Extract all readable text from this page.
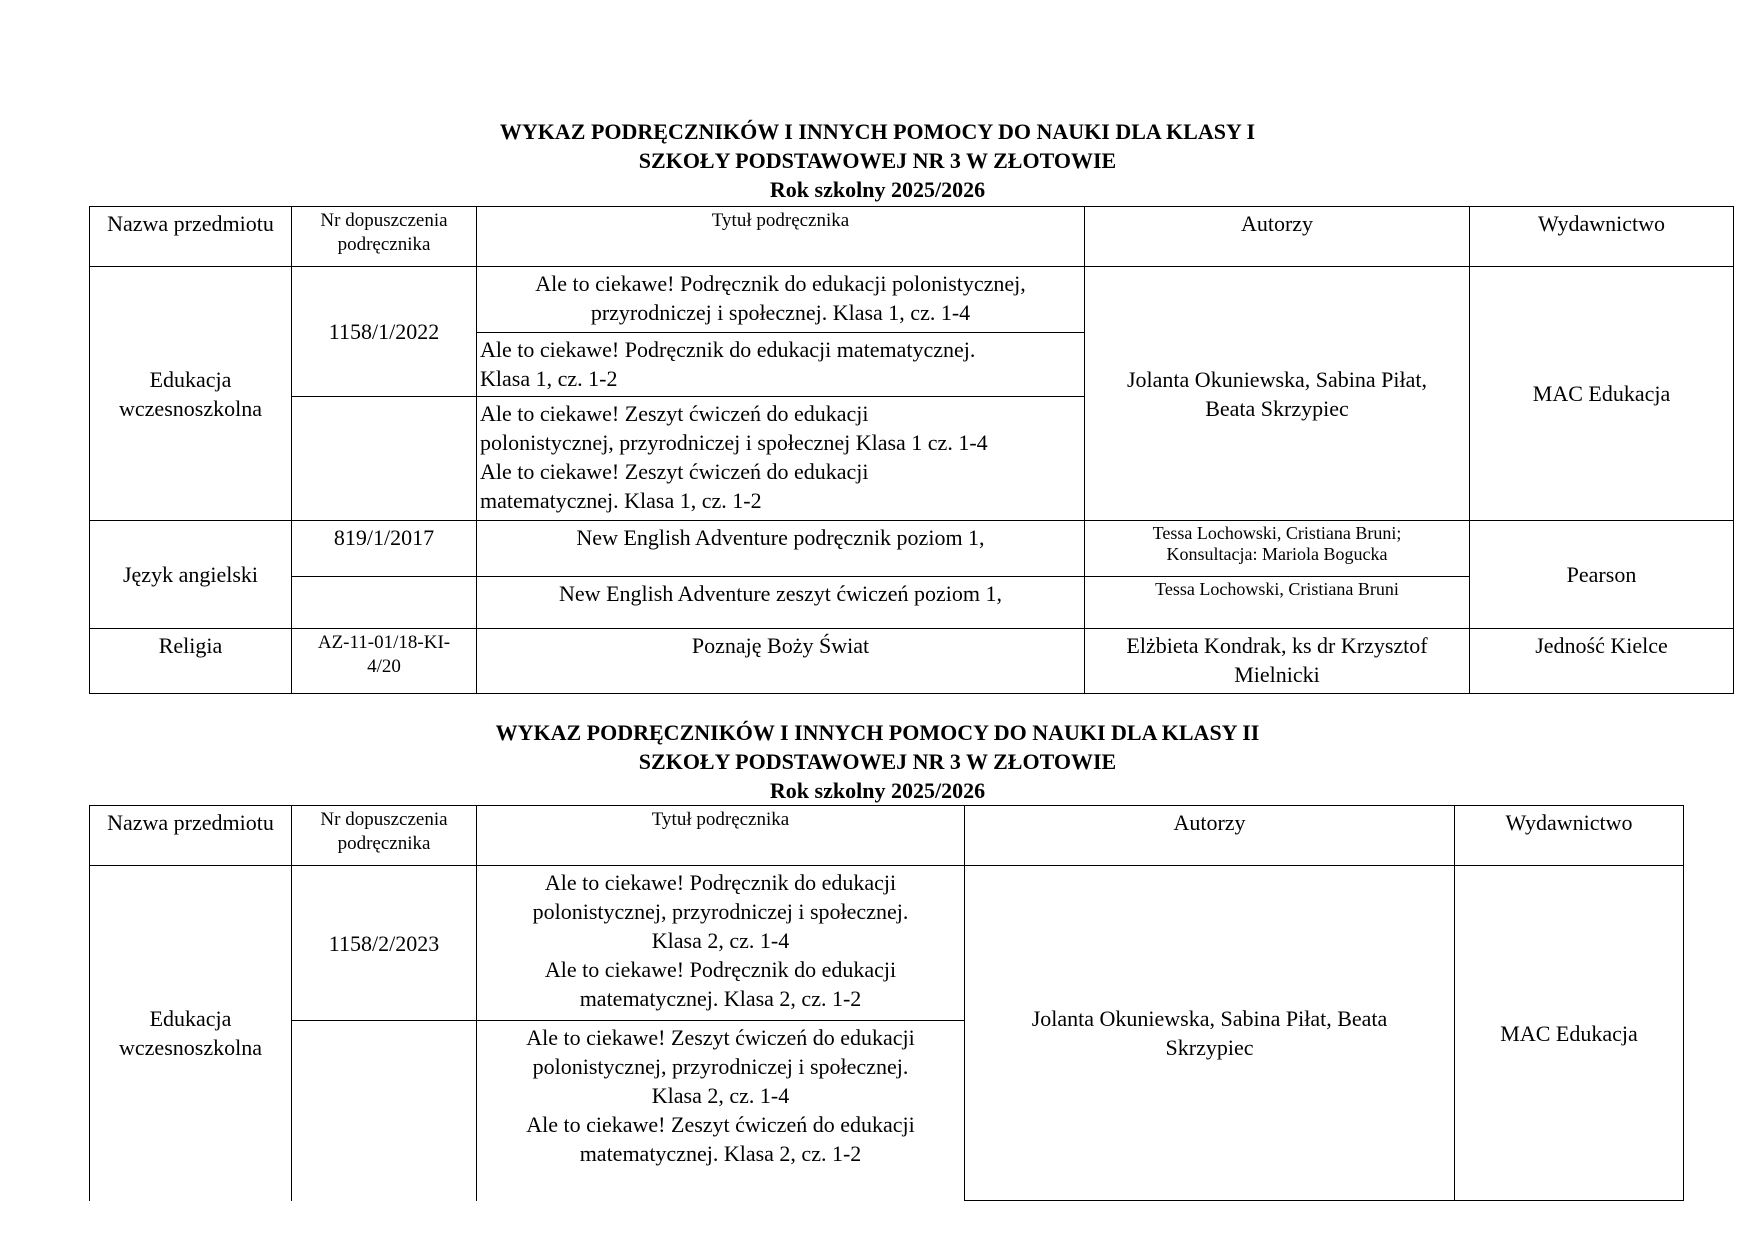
WYKAZ PODRĘCZNIKÓW I INNYCH POMOCY DO NAUKI DLA KLASY I
SZKOŁY PODSTAWOWEJ NR 3 W ZŁOTOWIE
Rok szkolny 2025/2026
Nazwa przedmiotu	Nr dopuszczenia
podręcznika	Tytuł podręcznika	Autorzy	Wydawnictwo

Edukacja
wczesnoszkolna	1158/1/2022	Ale to ciekawe! Podręcznik do edukacji polonistycznej,
przyrodniczej i społecznej. Klasa 1, cz. 1-4	Jolanta Okuniewska, Sabina Piłat,
Beata Skrzypiec	MAC Edukacja

		Ale to ciekawe! Podręcznik do edukacji matematycznej.
Klasa 1, cz. 1-2		

		Ale to ciekawe! Zeszyt ćwiczeń do edukacji
polonistycznej, przyrodniczej i społecznej Klasa 1 cz. 1-4
Ale to ciekawe! Zeszyt ćwiczeń do edukacji
matematycznej. Klasa 1, cz. 1-2		

Język angielski	819/1/2017	New English Adventure podręcznik poziom 1,	Tessa Lochowski, Cristiana Bruni;
Konsultacja: Mariola Bogucka	Pearson
		New English Adventure zeszyt ćwiczeń poziom 1,	Tessa Lochowski, Cristiana Bruni	
Religia	AZ-11-01/18-KI-
4/20	Poznaję Boży Świat	Elżbieta Kondrak, ks dr Krzysztof
Mielnicki	Jedność Kielce
WYKAZ PODRĘCZNIKÓW I INNYCH POMOCY DO NAUKI DLA KLASY II
SZKOŁY PODSTAWOWEJ NR 3 W ZŁOTOWIE
Rok szkolny 2025/2026
Nazwa przedmiotu	Nr dopuszczenia
podręcznika	Tytuł podręcznika	Autorzy	Wydawnictwo

Edukacja
wczesnoszkolna	1158/2/2023	Ale to ciekawe! Podręcznik do edukacji
polonistycznej, przyrodniczej i społecznej.
Klasa 2, cz. 1-4
Ale to ciekawe! Podręcznik do edukacji
matematycznej. Klasa 2, cz. 1-2	Jolanta Okuniewska, Sabina Piłat, Beata
Skrzypiec	MAC Edukacja

		Ale to ciekawe! Zeszyt ćwiczeń do edukacji
polonistycznej, przyrodniczej i społecznej.
Klasa 2, cz. 1-4
Ale to ciekawe! Zeszyt ćwiczeń do edukacji
matematycznej. Klasa 2, cz. 1-2		
